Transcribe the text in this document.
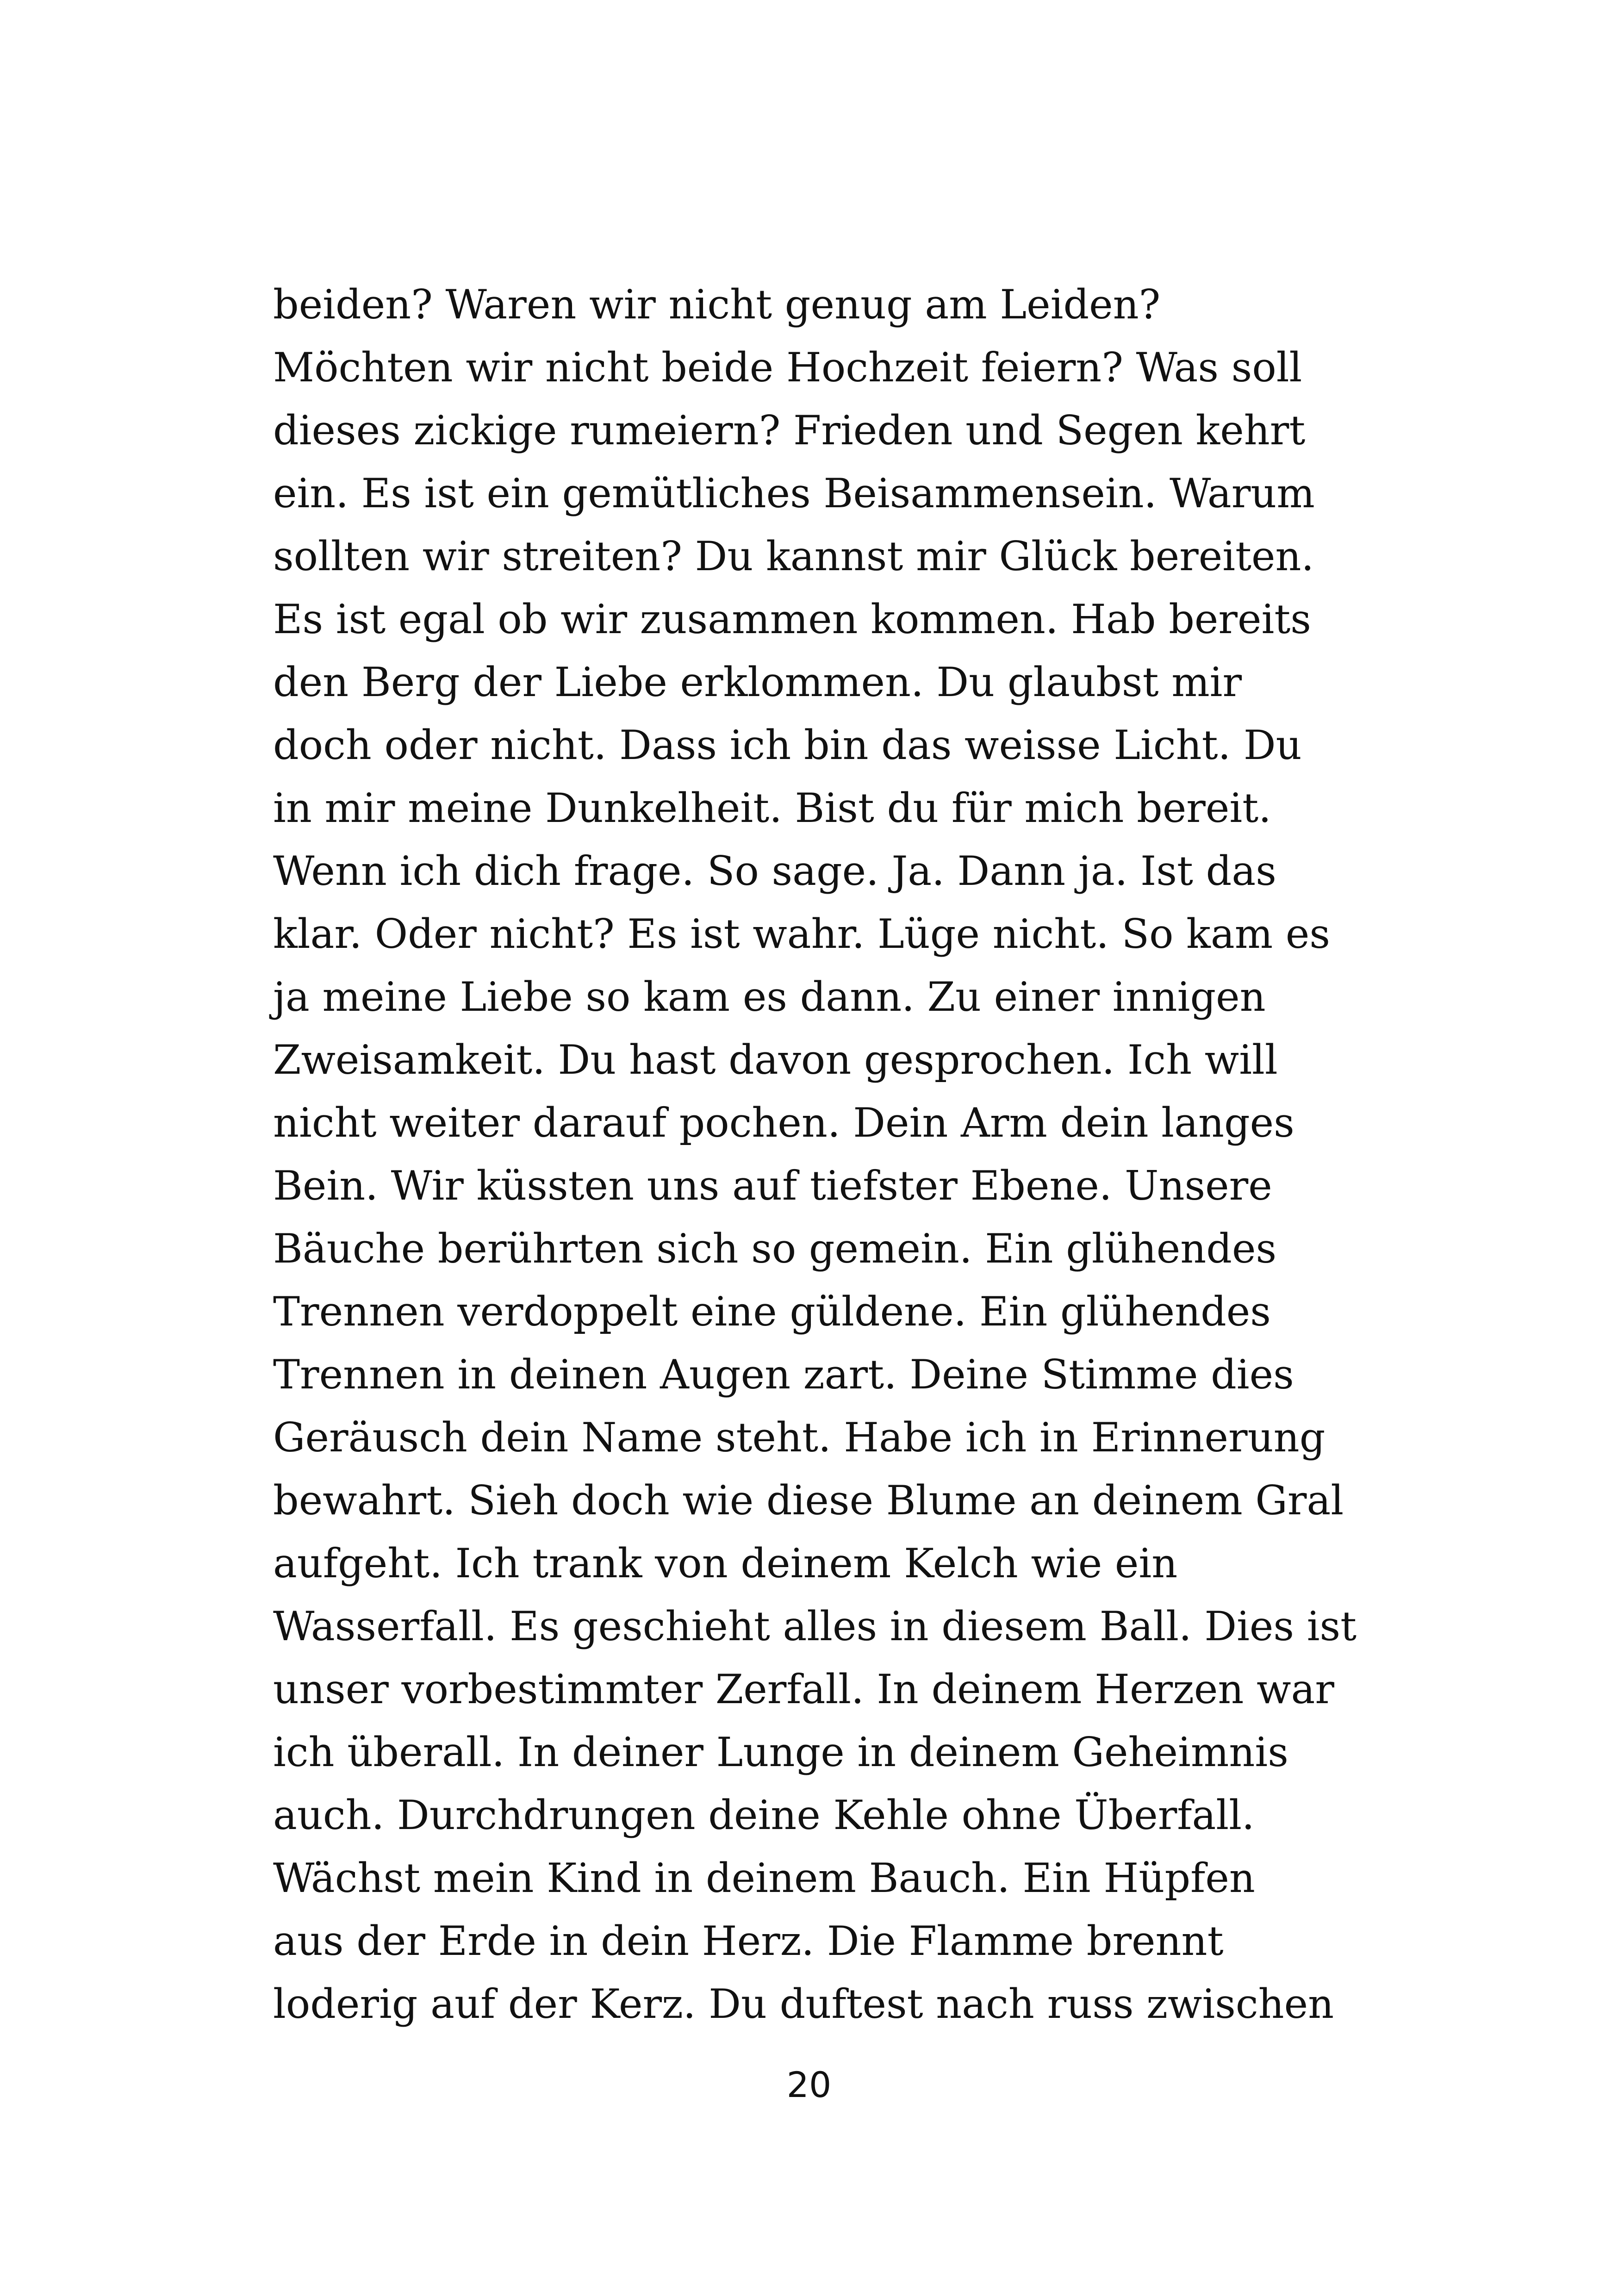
beiden? Waren wir nicht genug am Leiden?
Möchten wir nicht beide Hochzeit feiern? Was soll
dieses zickige rumeiern? Frieden und Segen kehrt
ein. Es ist ein gemütliches Beisammensein. Warum
sollten wir streiten? Du kannst mir Glück bereiten.
Es ist egal ob wir zusammen kommen. Hab bereits
den Berg der Liebe erklommen. Du glaubst mir
doch oder nicht. Dass ich bin das weisse Licht. Du
in mir meine Dunkelheit. Bist du für mich bereit.
Wenn ich dich frage. So sage. Ja. Dann ja. Ist das
klar. Oder nicht? Es ist wahr. Lüge nicht. So kam es
ja meine Liebe so kam es dann. Zu einer innigen
Zweisamkeit. Du hast davon gesprochen. Ich will
nicht weiter darauf pochen. Dein Arm dein langes
Bein. Wir küssten uns auf tiefster Ebene. Unsere
Bäuche berührten sich so gemein. Ein glühendes
Trennen verdoppelt eine güldene. Ein glühendes
Trennen in deinen Augen zart. Deine Stimme dies
Geräusch dein Name steht. Habe ich in Erinnerung
bewahrt. Sieh doch wie diese Blume an deinem Gral
aufgeht. Ich trank von deinem Kelch wie ein
Wasserfall. Es geschieht alles in diesem Ball. Dies ist
unser vorbestimmter Zerfall. In deinem Herzen war
ich überall. In deiner Lunge in deinem Geheimnis
auch. Durchdrungen deine Kehle ohne Überfall.
Wächst mein Kind in deinem Bauch. Ein Hüpfen
aus der Erde in dein Herz. Die Flamme brennt
loderig auf der Kerz. Du duftest nach russ zwischen
20
